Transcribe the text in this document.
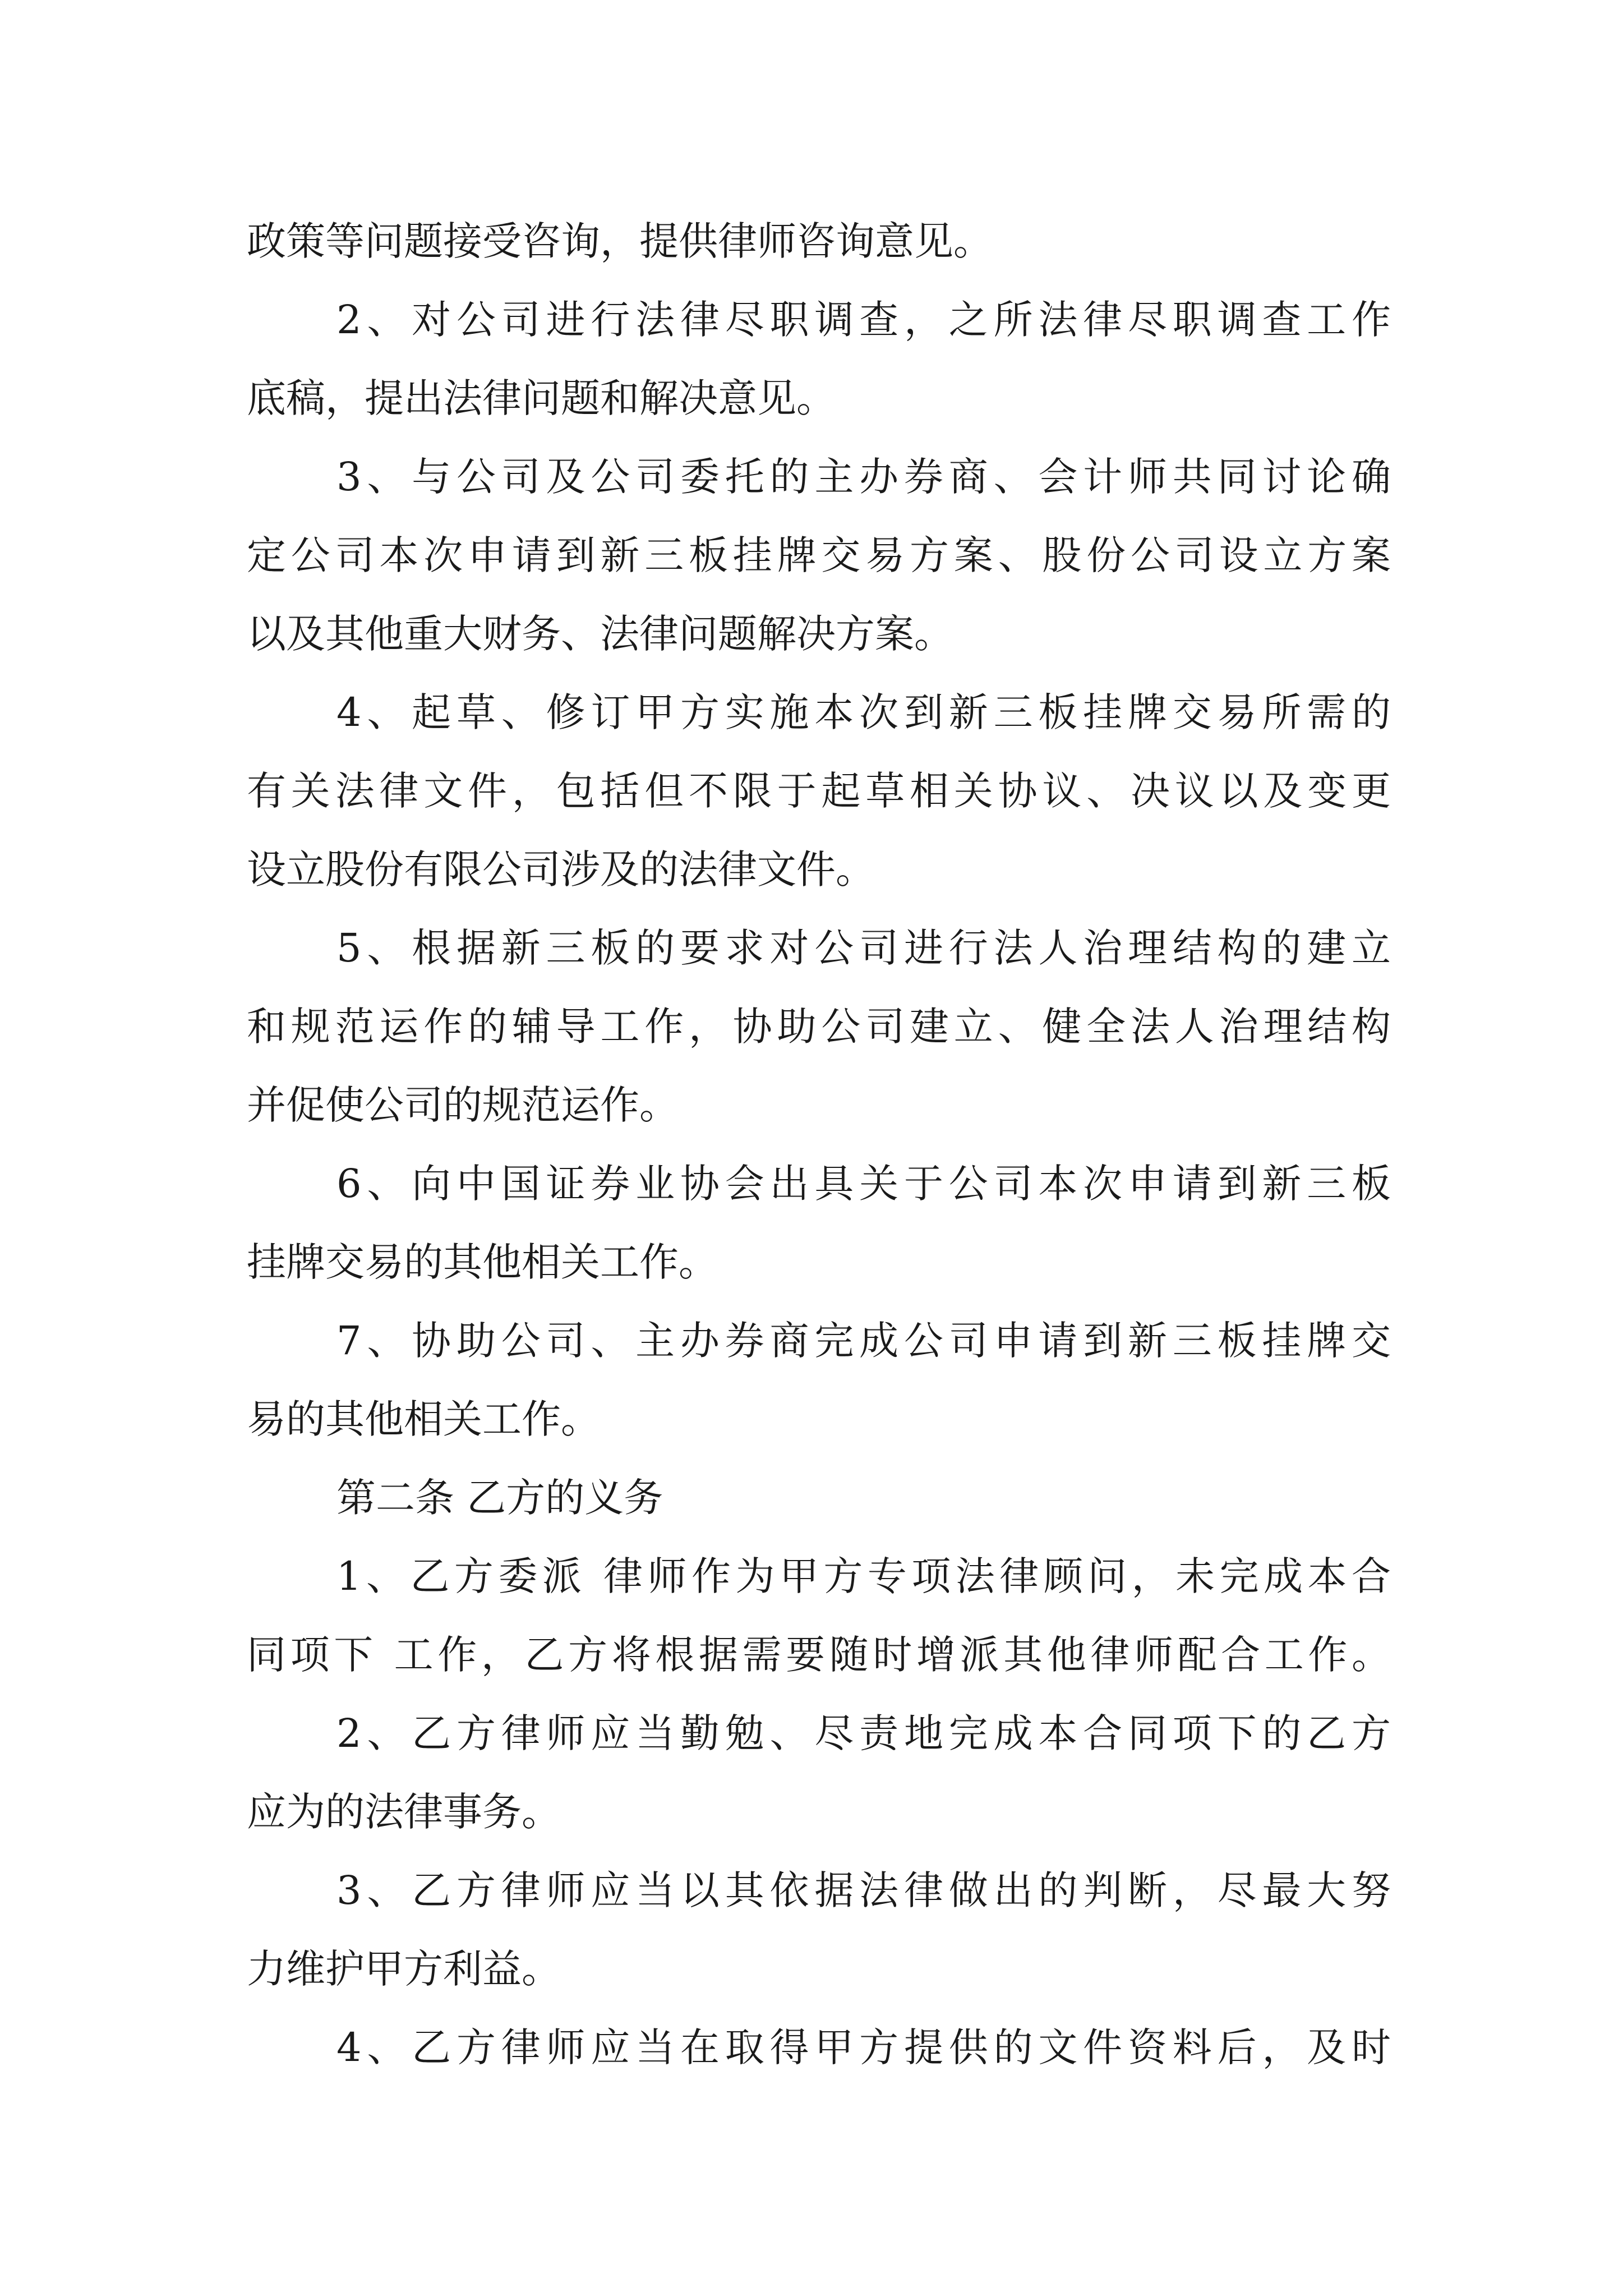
政策等问题接受咨询，提供律师咨询意见。
2、对公司进行法律尽职调查，之所法律尽职调查工作
底稿，提出法律问题和解决意见。
3、与公司及公司委托的主办券商、会计师共同讨论确
定公司本次申请到新三板挂牌交易方案、股份公司设立方案
以及其他重大财务、法律问题解决方案。
4、起草、修订甲方实施本次到新三板挂牌交易所需的
有关法律文件，包括但不限于起草相关协议、决议以及变更
设立股份有限公司涉及的法律文件。
5、根据新三板的要求对公司进行法人治理结构的建立
和规范运作的辅导工作，协助公司建立、健全法人治理结构
并促使公司的规范运作。
6、向中国证券业协会出具关于公司本次申请到新三板
挂牌交易的其他相关工作。
7、协助公司、主办券商完成公司申请到新三板挂牌交
易的其他相关工作。
第二条 乙方的义务
1、乙方委派 律师作为甲方专项法律顾问，未完成本合
同项下 工作，乙方将根据需要随时增派其他律师配合工作。
2、乙方律师应当勤勉、尽责地完成本合同项下的乙方
应为的法律事务。
3、乙方律师应当以其依据法律做出的判断，尽最大努
力维护甲方利益。
4、乙方律师应当在取得甲方提供的文件资料后，及时
